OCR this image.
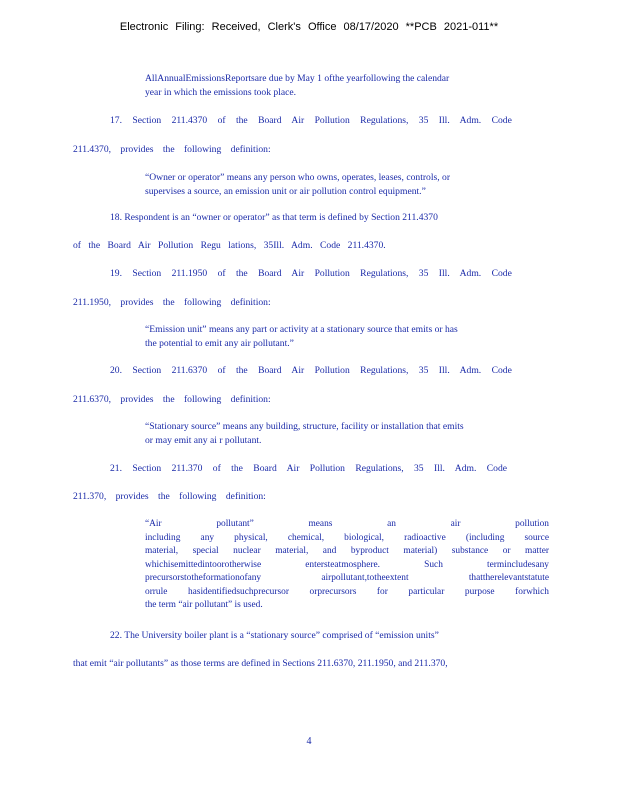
Electronic Filing: Received, Clerk's Office 08/17/2020 **PCB 2021-011**
AllAnnualEmissionsReportsare due by May 1 ofthe yearfollowing the calendar
year in which the emissions took place.
17. Section 211.4370 of the Board Air Pollution Regulations, 35 Ill. Adm. Code
211.4370, provides the following definition:
“Owner or operator” means any person who owns, operates, leases, controls, or
supervises a source, an emission unit or air pollution control equipment.”
18. Respondent is an “owner or operator” as that term is defined by Section 211.4370
of the Board Air Pollution Regu lations, 35Ill. Adm. Code 211.4370.
19. Section 211.1950 of the Board Air Pollution Regulations, 35 Ill. Adm. Code
211.1950, provides the following definition:
“Emission unit” means any part or activity at a stationary source that emits or has
the potential to emit any air pollutant.”
20. Section 211.6370 of the Board Air Pollution Regulations, 35 Ill. Adm. Code
211.6370, provides the following definition:
“Stationary source” means any building, structure, facility or installation that emits
or may emit any ai r pollutant.
21. Section 211.370 of the Board Air Pollution Regulations, 35 Ill. Adm. Code
211.370, provides the following definition:

“Air pollutant” means an air pollution

including any physical, chemical, biological, radioactive (including source

material, special nuclear material, and byproduct material) substance or matter

whichisemittedintoorotherwise entersteatmosphere. Such termincludesany

precursorstotheformationofany airpollutant,totheextent thattherelevantstatute

orrule hasidentifiedsuchprecursor orprecursors for particular purpose forwhich

the term “air pollutant” is used.

22. The University boiler plant is a “stationary source” comprised of “emission units”
that emit “air pollutants” as those terms are defined in Sections 211.6370, 211.1950, and 211.370,
4
